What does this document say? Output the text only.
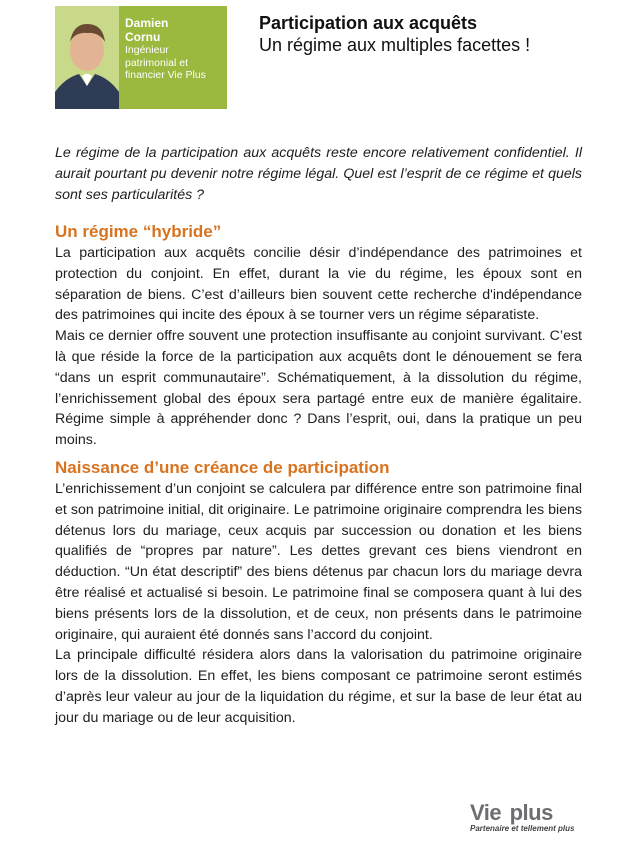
Damien
Cornu
Ingénieur
patrimonial et
financier Vie Plus
Participation aux acquêts
Un régime aux multiples facettes !

Le régime de la participation aux acquêts reste encore relativement confidentiel. Il aurait pourtant pu devenir notre régime légal. Quel est l’esprit de ce régime et quels sont ses particularités ?

Un régime “hybride”

La participation aux acquêts concilie désir d’indépendance des patrimoines et protection du conjoint. En effet, durant la vie du régime, les époux sont en séparation de biens. C’est d’ailleurs bien souvent cette recherche d'indépendance des patrimoines qui incite des époux à se tourner vers un régime séparatiste.

Mais ce dernier offre souvent une protection insuffisante au conjoint survivant. C’est là que réside la force de la participation aux acquêts dont le dénouement se fera “dans un esprit communautaire”. Schématiquement, à la dissolution du régime, l’enrichissement global des époux sera partagé entre eux de manière égalitaire. Régime simple à appréhender donc ? Dans l’esprit, oui, dans la pratique un peu moins.

Naissance d’une créance de participation

L’enrichissement d’un conjoint se calculera par différence entre son patrimoine final et son patrimoine initial, dit originaire. Le patrimoine originaire comprendra les biens détenus lors du mariage, ceux acquis par succession ou donation et les biens qualifiés de “propres par nature”. Les dettes grevant ces biens viendront en déduction. “Un état descriptif” des biens détenus par chacun lors du mariage devra être réalisé et actualisé si besoin. Le patrimoine final se composera quant à lui des biens présents lors de la dissolution, et de ceux, non présents dans le patrimoine originaire, qui auraient été donnés sans l’accord du conjoint.

La principale difficulté résidera alors dans la valorisation du patrimoine originaire lors de la dissolution. En effet, les biens composant ce patrimoine seront estimés d’après leur valeur au jour de la liquidation du régime, et sur la base de leur état au jour du mariage ou de leur acquisition.

Vie plus
Partenaire et tellement plus
